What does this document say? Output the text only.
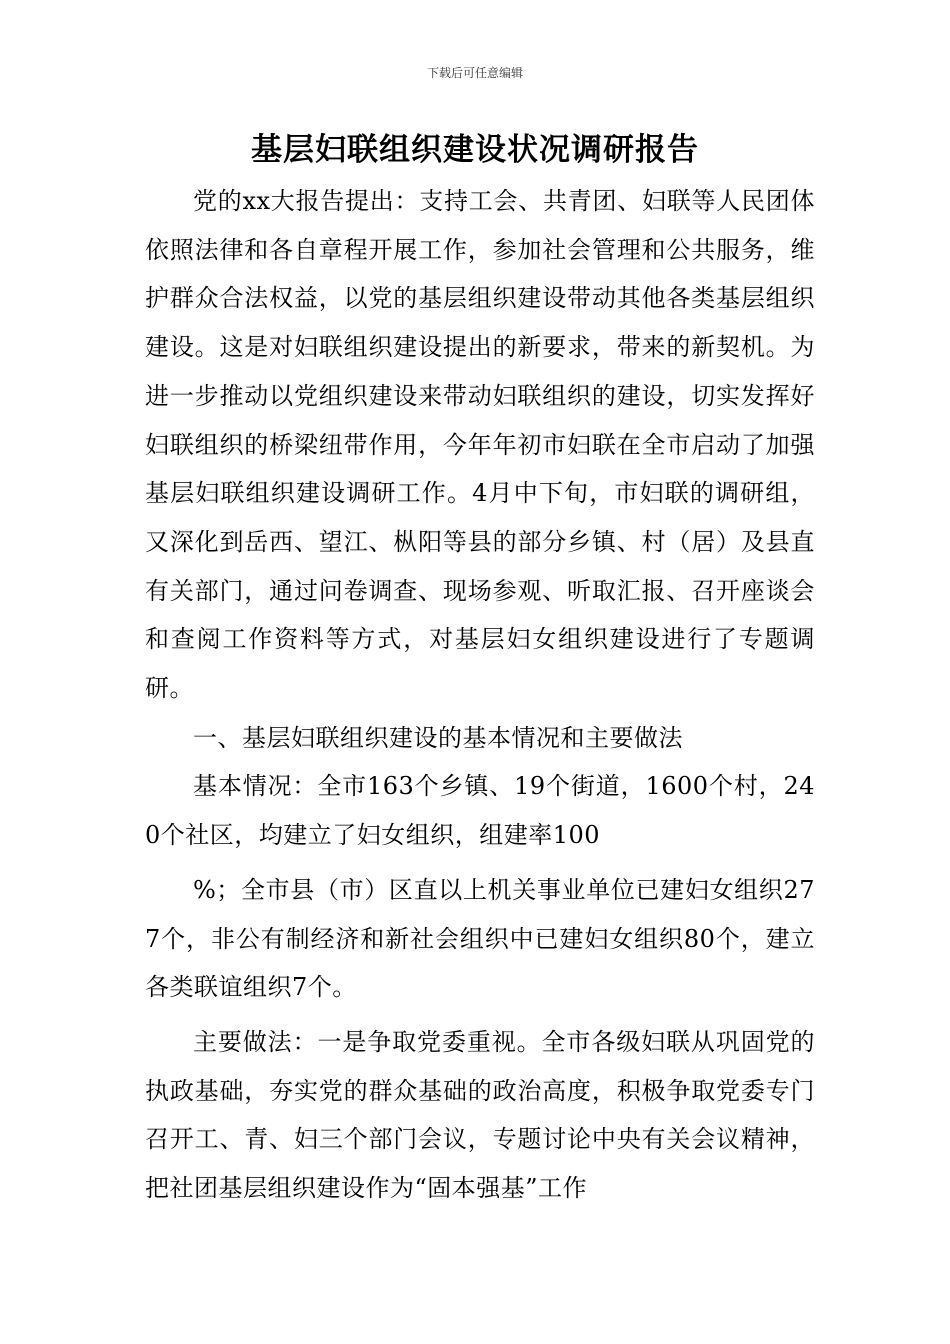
下载后可任意编辑
基层妇联组织建设状况调研报告

党的xx大报告提出：支持工会、共青团、妇联等人民团体依照法律和各自章程开展工作，参加社会管理和公共服务，维护群众合法权益，以党的基层组织建设带动其他各类基层组织建设。这是对妇联组织建设提出的新要求，带来的新契机。为进一步推动以党组织建设来带动妇联组织的建设，切实发挥好妇联组织的桥梁纽带作用，今年年初市妇联在全市启动了加强基层妇联组织建设调研工作。4月中下旬，市妇联的调研组，又深化到岳西、望江、枞阳等县的部分乡镇、村（居）及县直有关部门，通过问卷调查、现场参观、听取汇报、召开座谈会和查阅工作资料等方式，对基层妇女组织建设进行了专题调研。

一、基层妇联组织建设的基本情况和主要做法

基本情况：全市163个乡镇、19个街道，1600个村，240个社区，均建立了妇女组织，组建率100

%；全市县（市）区直以上机关事业单位已建妇女组织277个，非公有制经济和新社会组织中已建妇女组织80个，建立各类联谊组织7个。

主要做法：一是争取党委重视。全市各级妇联从巩固党的执政基础，夯实党的群众基础的政治高度，积极争取党委专门召开工、青、妇三个部门会议，专题讨论中央有关会议精神，把社团基层组织建设作为“固本强基”工作
